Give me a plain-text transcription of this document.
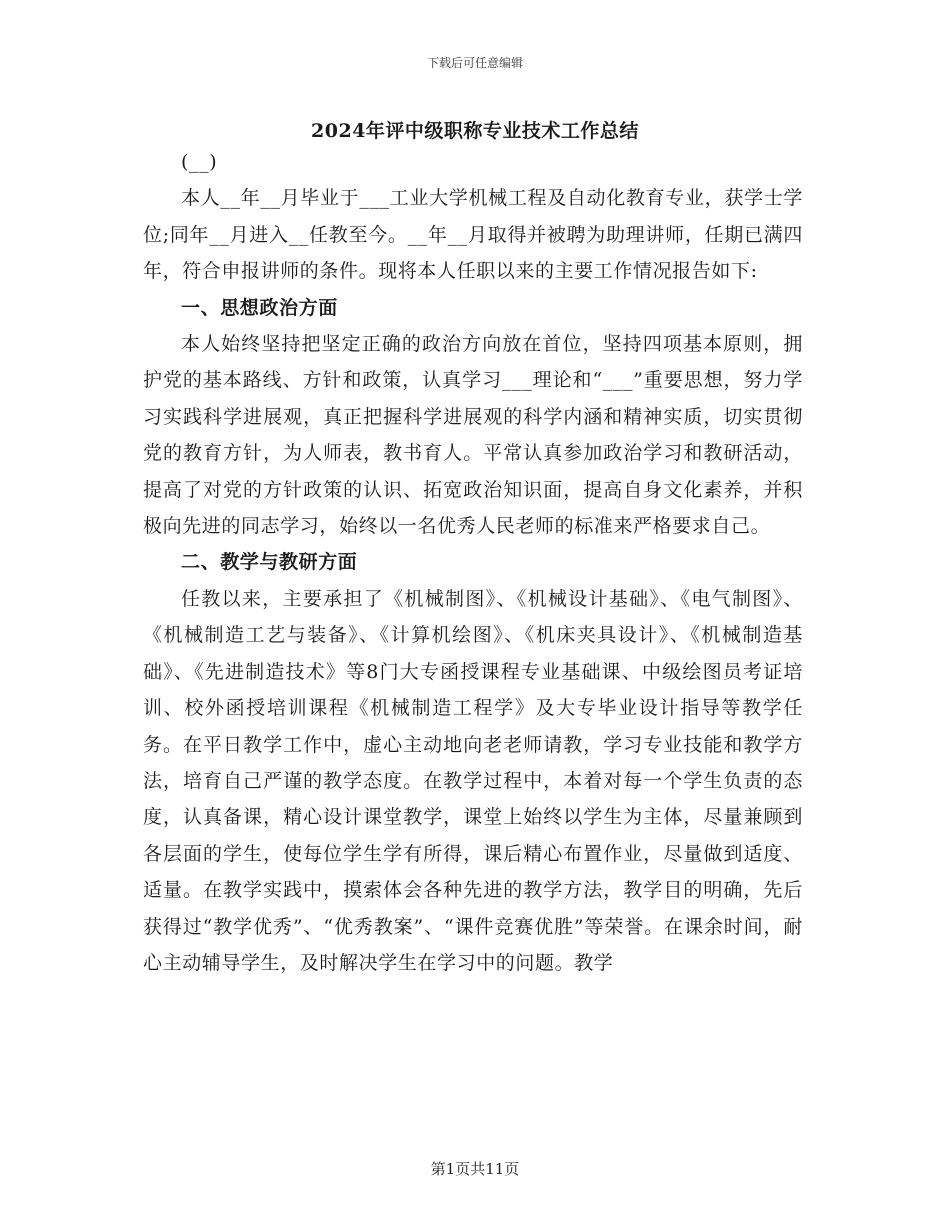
下载后可任意编辑
2024年评中级职称专业技术工作总结

(__)

本人__年__月毕业于___工业大学机械工程及自动化教育专业，获学士学位;同年__月进入__任教至今。__年__月取得并被聘为助理讲师，任期已满四年，符合申报讲师的条件。现将本人任职以来的主要工作情况报告如下:

一、思想政治方面

本人始终坚持把坚定正确的政治方向放在首位，坚持四项基本原则，拥护党的基本路线、方针和政策，认真学习___理论和“___”重要思想，努力学习实践科学进展观，真正把握科学进展观的科学内涵和精神实质，切实贯彻党的教育方针，为人师表，教书育人。平常认真参加政治学习和教研活动，提高了对党的方针政策的认识、拓宽政治知识面，提高自身文化素养，并积极向先进的同志学习，始终以一名优秀人民老师的标准来严格要求自己。

二、教学与教研方面

任教以来，主要承担了《机械制图》、《机械设计基础》、《电气制图》、《机械制造工艺与装备》、《计算机绘图》、《机床夹具设计》、《机械制造基础》、《先进制造技术》等8门大专函授课程专业基础课、中级绘图员考证培训、校外函授培训课程《机械制造工程学》及大专毕业设计指导等教学任务。在平日教学工作中，虚心主动地向老老师请教，学习专业技能和教学方法，培育自己严谨的教学态度。在教学过程中，本着对每一个学生负责的态度，认真备课，精心设计课堂教学，课堂上始终以学生为主体，尽量兼顾到各层面的学生，使每位学生学有所得，课后精心布置作业，尽量做到适度、适量。在教学实践中，摸索体会各种先进的教学方法，教学目的明确，先后获得过“教学优秀”、“优秀教案”、“课件竞赛优胜”等荣誉。在课余时间，耐心主动辅导学生，及时解决学生在学习中的问题。教学

第1页共11页
